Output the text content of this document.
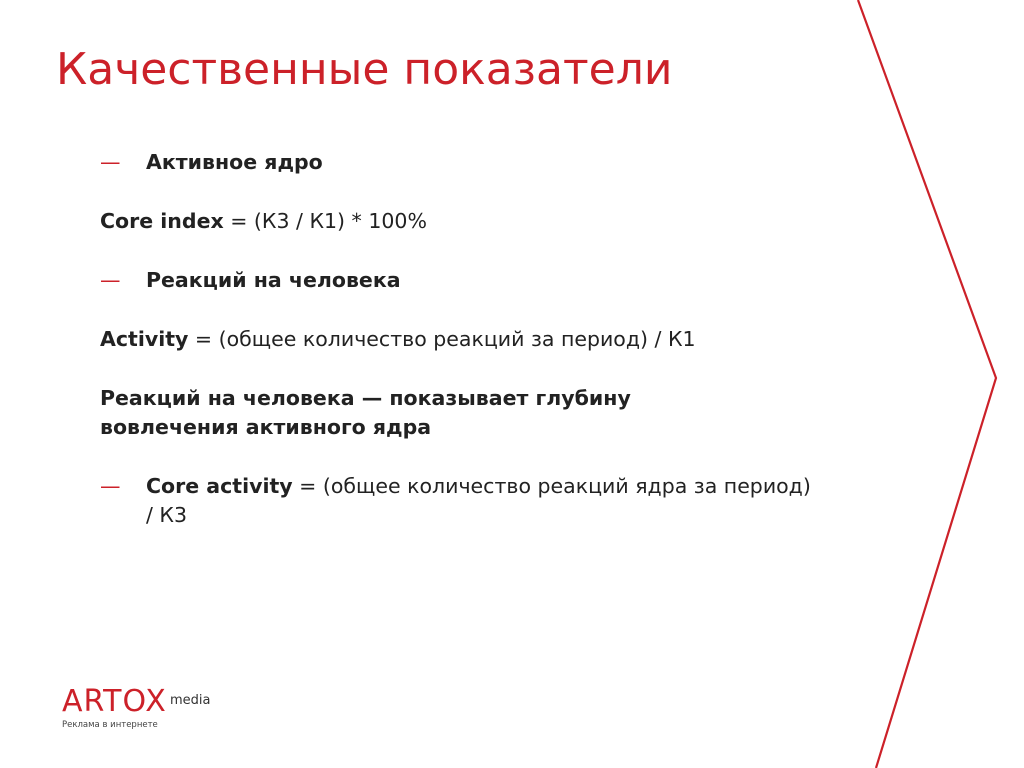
Качественные показатели
— Активное ядро
Core index = (К3 / К1) * 100%
— Реакций на человека
Activity = (общее количество реакций за период) / К1
Реакций на человека — показывает глубину вовлечения активного ядра
— Core activity = (общее количество реакций ядра за период) / К3
ARTOX media
Реклама в интернете
